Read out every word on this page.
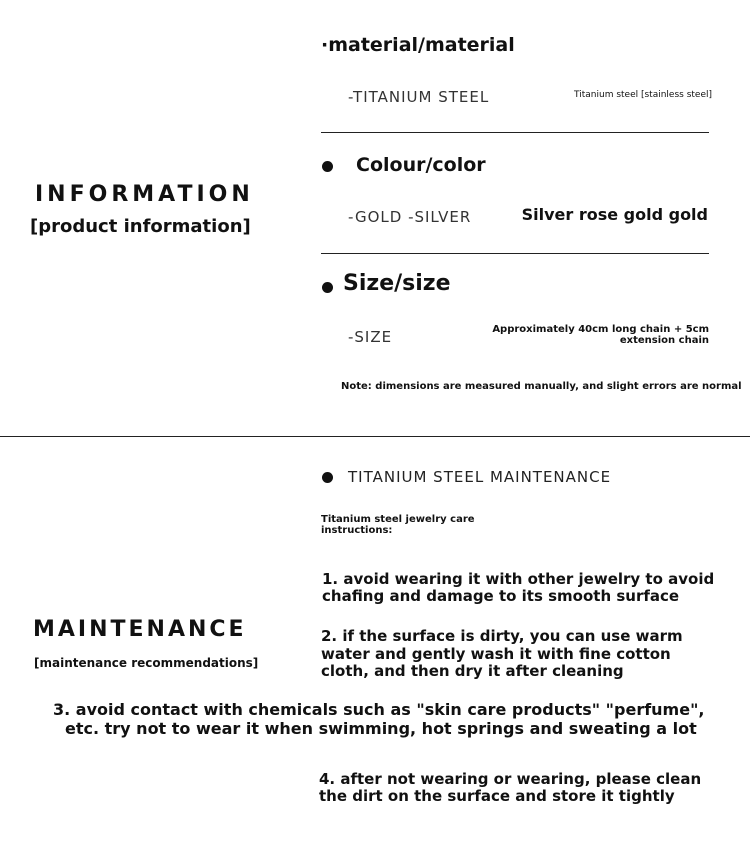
INFORMATION
[product information]
·material/material
-TITANIUM STEEL	Titanium steel [stainless steel]
Colour/color
-GOLD -SILVER	Silver rose gold gold
Size/size
-SIZE	Approximately 40cm long chain + 5cm
extension chain
Note: dimensions are measured manually, and slight errors are normal
TITANIUM STEEL MAINTENANCE
Titanium steel jewelry care
instructions:
MAINTENANCE
[maintenance recommendations]
1. avoid wearing it with other jewelry to avoid
chafing and damage to its smooth surface
2. if the surface is dirty, you can use warm
water and gently wash it with fine cotton
cloth, and then dry it after cleaning
3. avoid contact with chemicals such as "skin care products" "perfume",
etc. try not to wear it when swimming, hot springs and sweating a lot
4. after not wearing or wearing, please clean
the dirt on the surface and store it tightly
